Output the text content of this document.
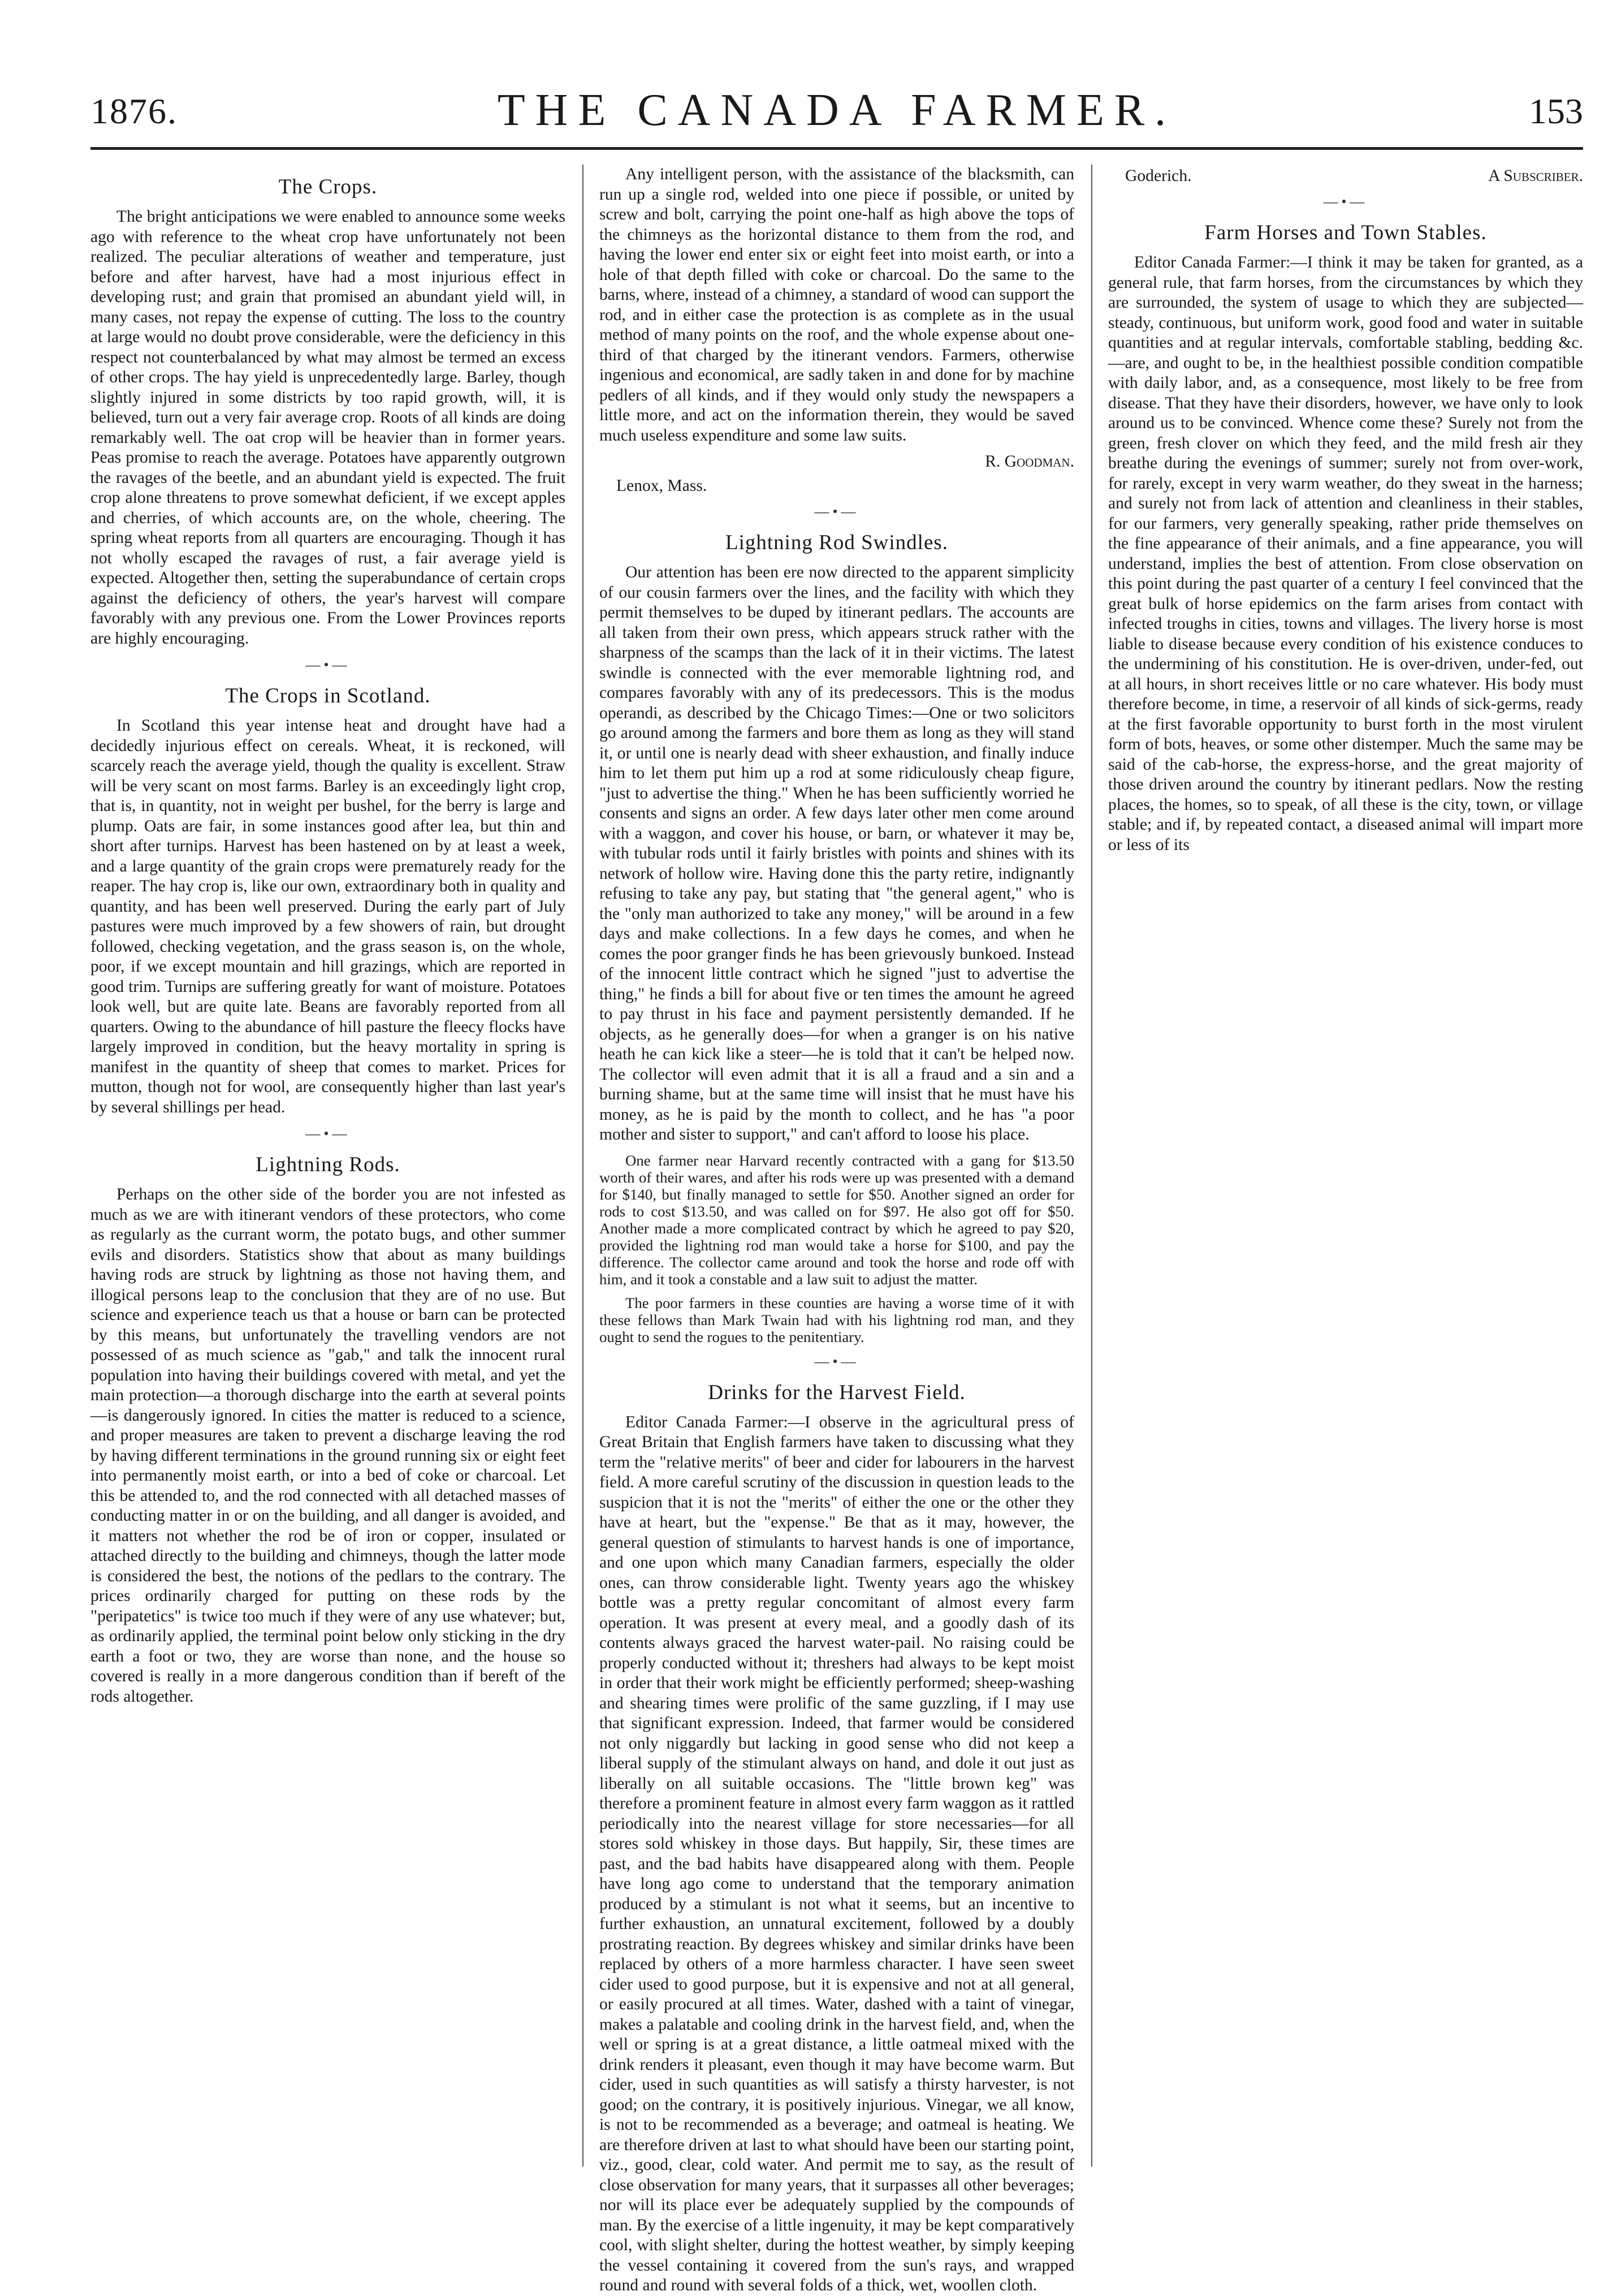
1876.	THE CANADA FARMER.	153
The Crops.

The bright anticipations we were enabled to announce some weeks ago with reference to the wheat crop have unfortunately not been realized. The peculiar alterations of weather and temperature, just before and after harvest, have had a most injurious effect in developing rust; and grain that promised an abundant yield will, in many cases, not repay the expense of cutting. The loss to the country at large would no doubt prove considerable, were the deficiency in this respect not counterbalanced by what may almost be termed an excess of other crops. The hay yield is unprecedentedly large. Barley, though slightly injured in some districts by too rapid growth, will, it is believed, turn out a very fair average crop. Roots of all kinds are doing remarkably well. The oat crop will be heavier than in former years. Peas promise to reach the average. Potatoes have apparently outgrown the ravages of the beetle, and an abundant yield is expected. The fruit crop alone threatens to prove somewhat deficient, if we except apples and cherries, of which accounts are, on the whole, cheering. The spring wheat reports from all quarters are encouraging. Though it has not wholly escaped the ravages of rust, a fair average yield is expected. Altogether then, setting the superabundance of certain crops against the deficiency of others, the year's harvest will compare favorably with any previous one. From the Lower Provinces reports are highly encouraging.

—•—
The Crops in Scotland.

In Scotland this year intense heat and drought have had a decidedly injurious effect on cereals. Wheat, it is reckoned, will scarcely reach the average yield, though the quality is excellent. Straw will be very scant on most farms. Barley is an exceedingly light crop, that is, in quantity, not in weight per bushel, for the berry is large and plump. Oats are fair, in some instances good after lea, but thin and short after turnips. Harvest has been hastened on by at least a week, and a large quantity of the grain crops were prematurely ready for the reaper. The hay crop is, like our own, extraordinary both in quality and quantity, and has been well preserved. During the early part of July pastures were much improved by a few showers of rain, but drought followed, checking vegetation, and the grass season is, on the whole, poor, if we except mountain and hill grazings, which are reported in good trim. Turnips are suffering greatly for want of moisture. Potatoes look well, but are quite late. Beans are favorably reported from all quarters. Owing to the abundance of hill pasture the fleecy flocks have largely improved in condition, but the heavy mortality in spring is manifest in the quantity of sheep that comes to market. Prices for mutton, though not for wool, are consequently higher than last year's by several shillings per head.

—•—
Lightning Rods.

Perhaps on the other side of the border you are not infested as much as we are with itinerant vendors of these protectors, who come as regularly as the currant worm, the potato bugs, and other summer evils and disorders. Statistics show that about as many buildings having rods are struck by lightning as those not having them, and illogical persons leap to the conclusion that they are of no use. But science and experience teach us that a house or barn can be protected by this means, but unfortunately the travelling vendors are not possessed of as much science as "gab," and talk the innocent rural population into having their buildings covered with metal, and yet the main protection—a thorough discharge into the earth at several points—is dangerously ignored. In cities the matter is reduced to a science, and proper measures are taken to prevent a discharge leaving the rod by having different terminations in the ground running six or eight feet into permanently moist earth, or into a bed of coke or charcoal. Let this be attended to, and the rod connected with all detached masses of conducting matter in or on the building, and all danger is avoided, and it matters not whether the rod be of iron or copper, insulated or attached directly to the building and chimneys, though the latter mode is considered the best, the notions of the pedlars to the contrary. The prices ordinarily charged for putting on these rods by the "peripatetics" is twice too much if they were of any use whatever; but, as ordinarily applied, the terminal point below only sticking in the dry earth a foot or two, they are worse than none, and the house so covered is really in a more dangerous condition than if bereft of the rods altogether.

Any intelligent person, with the assistance of the blacksmith, can run up a single rod, welded into one piece if possible, or united by screw and bolt, carrying the point one-half as high above the tops of the chimneys as the horizontal distance to them from the rod, and having the lower end enter six or eight feet into moist earth, or into a hole of that depth filled with coke or charcoal. Do the same to the barns, where, instead of a chimney, a standard of wood can support the rod, and in either case the protection is as complete as in the usual method of many points on the roof, and the whole expense about one-third of that charged by the itinerant vendors. Farmers, otherwise ingenious and economical, are sadly taken in and done for by machine pedlers of all kinds, and if they would only study the newspapers a little more, and act on the information therein, they would be saved much useless expenditure and some law suits.

R. Goodman.
Lenox, Mass.
—•—
Lightning Rod Swindles.

Our attention has been ere now directed to the apparent simplicity of our cousin farmers over the lines, and the facility with which they permit themselves to be duped by itinerant pedlars. The accounts are all taken from their own press, which appears struck rather with the sharpness of the scamps than the lack of it in their victims. The latest swindle is connected with the ever memorable lightning rod, and compares favorably with any of its predecessors. This is the modus operandi, as described by the Chicago Times:—One or two solicitors go around among the farmers and bore them as long as they will stand it, or until one is nearly dead with sheer exhaustion, and finally induce him to let them put him up a rod at some ridiculously cheap figure, "just to advertise the thing." When he has been sufficiently worried he consents and signs an order. A few days later other men come around with a waggon, and cover his house, or barn, or whatever it may be, with tubular rods until it fairly bristles with points and shines with its network of hollow wire. Having done this the party retire, indignantly refusing to take any pay, but stating that "the general agent," who is the "only man authorized to take any money," will be around in a few days and make collections. In a few days he comes, and when he comes the poor granger finds he has been grievously bunkoed. Instead of the innocent little contract which he signed "just to advertise the thing," he finds a bill for about five or ten times the amount he agreed to pay thrust in his face and payment persistently demanded. If he objects, as he generally does—for when a granger is on his native heath he can kick like a steer—he is told that it can't be helped now. The collector will even admit that it is all a fraud and a sin and a burning shame, but at the same time will insist that he must have his money, as he is paid by the month to collect, and he has "a poor mother and sister to support," and can't afford to loose his place.

One farmer near Harvard recently contracted with a gang for $13.50 worth of their wares, and after his rods were up was presented with a demand for $140, but finally managed to settle for $50. Another signed an order for rods to cost $13.50, and was called on for $97. He also got off for $50. Another made a more complicated contract by which he agreed to pay $20, provided the lightning rod man would take a horse for $100, and pay the difference. The collector came around and took the horse and rode off with him, and it took a constable and a law suit to adjust the matter.

The poor farmers in these counties are having a worse time of it with these fellows than Mark Twain had with his lightning rod man, and they ought to send the rogues to the penitentiary.

—•—
Drinks for the Harvest Field.

Editor Canada Farmer:—I observe in the agricultural press of Great Britain that English farmers have taken to discussing what they term the "relative merits" of beer and cider for labourers in the harvest field. A more careful scrutiny of the discussion in question leads to the suspicion that it is not the "merits" of either the one or the other they have at heart, but the "expense." Be that as it may, however, the general question of stimulants to harvest hands is one of importance, and one upon which many Canadian farmers, especially the older ones, can throw considerable light. Twenty years ago the whiskey bottle was a pretty regular concomitant of almost every farm operation. It was present at every meal, and a goodly dash of its contents always graced the harvest water-pail. No raising could be properly conducted without it; threshers had always to be kept moist in order that their work might be efficiently performed; sheep-washing and shearing times were prolific of the same guzzling, if I may use that significant expression. Indeed, that farmer would be considered not only niggardly but lacking in good sense who did not keep a liberal supply of the stimulant always on hand, and dole it out just as liberally on all suitable occasions. The "little brown keg" was therefore a prominent feature in almost every farm waggon as it rattled periodically into the nearest village for store necessaries—for all stores sold whiskey in those days. But happily, Sir, these times are past, and the bad habits have disappeared along with them. People have long ago come to understand that the temporary animation produced by a stimulant is not what it seems, but an incentive to further exhaustion, an unnatural excitement, followed by a doubly prostrating reaction. By degrees whiskey and similar drinks have been replaced by others of a more harmless character. I have seen sweet cider used to good purpose, but it is expensive and not at all general, or easily procured at all times. Water, dashed with a taint of vinegar, makes a palatable and cooling drink in the harvest field, and, when the well or spring is at a great distance, a little oatmeal mixed with the drink renders it pleasant, even though it may have become warm. But cider, used in such quantities as will satisfy a thirsty harvester, is not good; on the contrary, it is positively injurious. Vinegar, we all know, is not to be recommended as a beverage; and oatmeal is heating. We are therefore driven at last to what should have been our starting point, viz., good, clear, cold water. And permit me to say, as the result of close observation for many years, that it surpasses all other beverages; nor will its place ever be adequately supplied by the compounds of man. By the exercise of a little ingenuity, it may be kept comparatively cool, with slight shelter, during the hottest weather, by simply keeping the vessel containing it covered from the sun's rays, and wrapped round and round with several folds of a thick, wet, woollen cloth.

Goderich.	A Subscriber.
—•—
Farm Horses and Town Stables.

Editor Canada Farmer:—I think it may be taken for granted, as a general rule, that farm horses, from the circumstances by which they are surrounded, the system of usage to which they are subjected—steady, continuous, but uniform work, good food and water in suitable quantities and at regular intervals, comfortable stabling, bedding &c.—are, and ought to be, in the healthiest possible condition compatible with daily labor, and, as a consequence, most likely to be free from disease. That they have their disorders, however, we have only to look around us to be convinced. Whence come these? Surely not from the green, fresh clover on which they feed, and the mild fresh air they breathe during the evenings of summer; surely not from over-work, for rarely, except in very warm weather, do they sweat in the harness; and surely not from lack of attention and cleanliness in their stables, for our farmers, very generally speaking, rather pride themselves on the fine appearance of their animals, and a fine appearance, you will understand, implies the best of attention. From close observation on this point during the past quarter of a century I feel convinced that the great bulk of horse epidemics on the farm arises from contact with infected troughs in cities, towns and villages. The livery horse is most liable to disease because every condition of his existence conduces to the undermining of his constitution. He is over-driven, under-fed, out at all hours, in short receives little or no care whatever. His body must therefore become, in time, a reservoir of all kinds of sick-germs, ready at the first favorable opportunity to burst forth in the most virulent form of bots, heaves, or some other distemper. Much the same may be said of the cab-horse, the express-horse, and the great majority of those driven around the country by itinerant pedlars. Now the resting places, the homes, so to speak, of all these is the city, town, or village stable; and if, by repeated contact, a diseased animal will impart more or less of its
